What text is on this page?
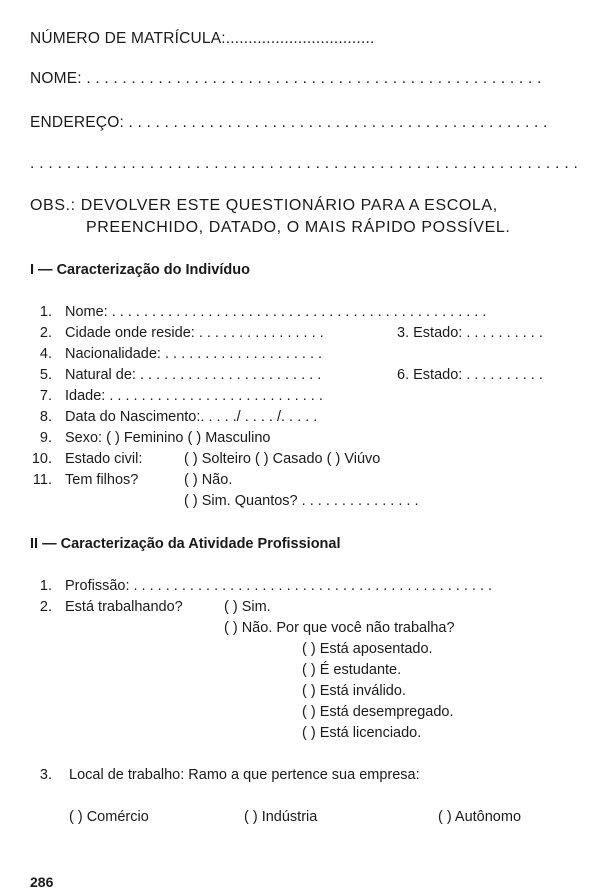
NÚMERO DE MATRÍCULA:.................................
NOME: . . . . . . . . . . . . . . . . . . . . . . . . . . . . . . . . . . . . . . . . . . . . . . . . . . .
ENDEREÇO: . . . . . . . . . . . . . . . . . . . . . . . . . . . . . . . . . . . . . . . . . . . . . . .
. . . . . . . . . . . . . . . . . . . . . . . . . . . . . . . . . . . . . . . . . . . . . . . . . . . . . . . . . . . .
OBS.: DEVOLVER ESTE QUESTIONÁRIO PARA A ESCOLA,
PREENCHIDO, DATADO, O MAIS RÁPIDO POSSÍVEL.
I — Caracterização do Indivíduo
1. Nome: . . . . . . . . . . . . . . . . . . . . . . . . . . . . . . . . . . . . . . . . . . . . . . .
2. Cidade onde reside: . . . . . . . . . . . . . . . .	3. Estado: . . . . . . . . . .
4. Nacionalidade: . . . . . . . . . . . . . . . . . . . .
5. Natural de: . . . . . . . . . . . . . . . . . . . . . . .	6. Estado: . . . . . . . . . .
7. Idade: . . . . . . . . . . . . . . . . . . . . . . . . . . .
8. Data do Nascimento:. . . . ./ . . . . /. . . . .
9. Sexo: ( ) Feminino ( ) Masculino
10. Estado civil:	( ) Solteiro ( ) Casado ( ) Viúvo
11. Tem filhos?	( ) Não.
( ) Sim. Quantos? . . . . . . . . . . . . . . .
II — Caracterização da Atividade Profissional
1. Profissão: . . . . . . . . . . . . . . . . . . . . . . . . . . . . . . . . . . . . . . . . . . . . .
2. Está trabalhando?	( ) Sim.
( ) Não. Por que você não trabalha?
( ) Está aposentado.
( ) É estudante.
( ) Está inválido.
( ) Está desempregado.
( ) Está licenciado.
3. Local de trabalho: Ramo a que pertence sua empresa:
( ) Comércio	( ) Indústria	( ) Autônomo
286
